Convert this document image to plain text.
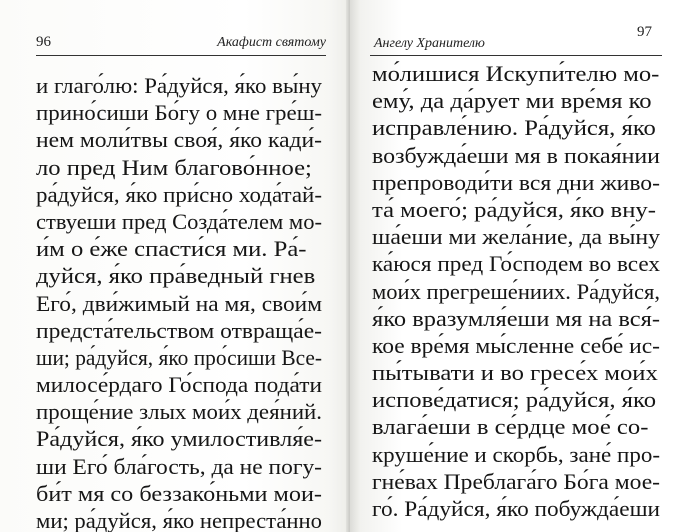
96	Акафист святому
и глаго́лю: Ра́дуйся, я́ко вы́ну
прино́сиши Бо́гу о мне гре́ш-
нем моли́твы своя́, я́ко кади́-
ло пред Ним благово́нное;
ра́дуйся, я́ко при́сно хода́тай-
ствуеши пред Созда́телем мо-
и́м о е́же спасти́ся ми. Ра́-
дуйся, я́ко пра́ведный гнев
Его́, дви́жимый на мя, свои́м
предста́тельством отвраща́е-
ши; ра́дуйся, я́ко про́сиши Все-
милосе́рдаго Го́спода пода́ти
проще́ние злых мои́х дея́ний.
Ра́дуйся, я́ко умилостивля́е-
ши Его́ бла́гость, да не погу-
би́т мя со беззако́ньми мои-
ми; ра́дуйся, я́ко непреста́нно
97
Ангелу Хранителю
мо́лишися Искупи́телю мо-
ему́, да да́рует ми вре́мя ко
исправле́нию. Ра́дуйся, я́ко
возбужда́еши мя в покая́нии
препроводи́ти вся дни живо-
та́ моего́; ра́дуйся, я́ко вну-
ша́еши ми жела́ние, да вы́ну
ка́юся пред Го́сподем во всех
мои́х прегреше́ниих. Ра́дуйся,
я́ко вразумля́еши мя на вся́-
кое вре́мя мы́сленне себе́ ис-
пы́тывати и во гресе́х мои́х
испове́датися; ра́дуйся, я́ко
влага́еши в се́рдце мое́ со-
круше́ние и скорбь, зане́ про-
гне́вах Преблага́го Бо́га мое-
го́. Ра́дуйся, я́ко побужда́еши
